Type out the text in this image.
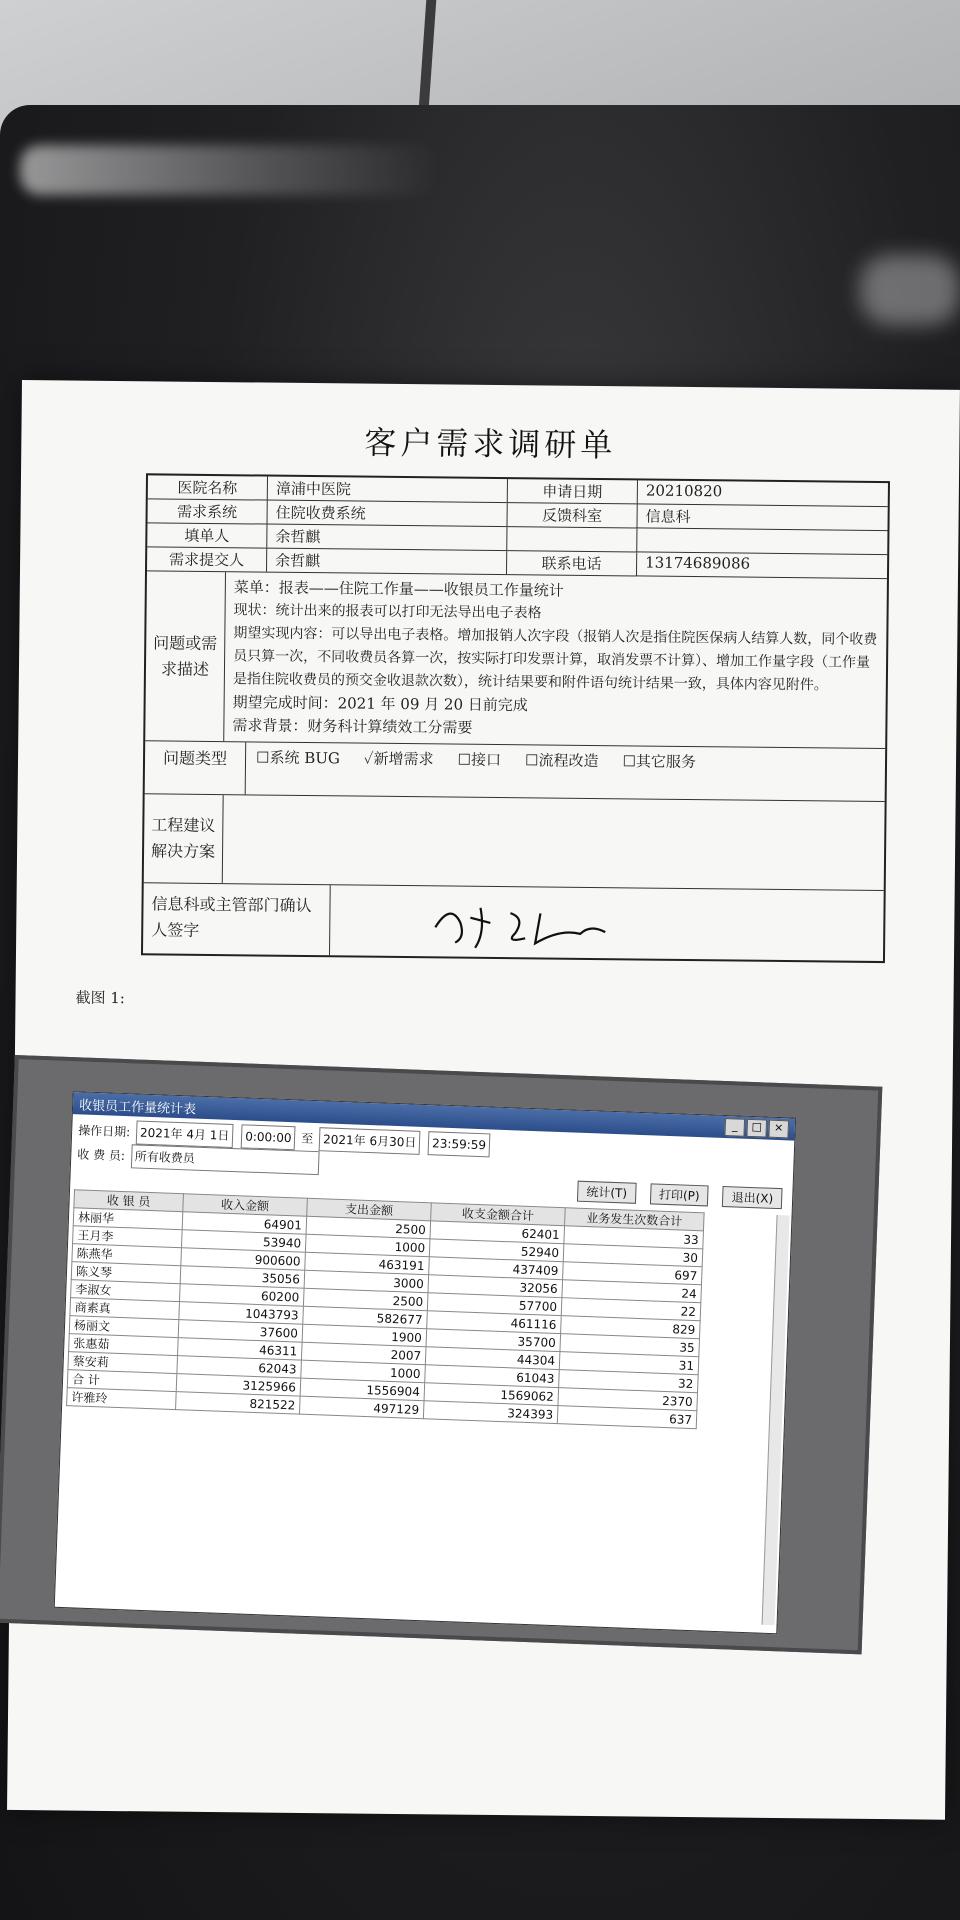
客户需求调研单
医院名称	漳浦中医院	申请日期	20210820
需求系统	住院收费系统	反馈科室	信息科
填单人	余哲麒

需求提交人	余哲麒	联系电话	13174689086
问题或需求描述
菜单：报表——住院工作量——收银员工作量统计
现状：统计出来的报表可以打印无法导出电子表格
期望实现内容：可以导出电子表格。增加报销人次字段（报销人次是指住院医保病人结算人数，同个收费员只算一次，不同收费员各算一次，按实际打印发票计算，取消发票不计算）、增加工作量字段（工作量是指住院收费员的预交金收退款次数），统计结果要和附件语句统计结果一致，具体内容见附件。
期望完成时间：2021 年 09 月 20 日前完成
需求背景：财务科计算绩效工分需要
问题类型	☐系统 BUG ✓新增需求 ☐接口 ☐流程改造 ☐其它服务
工程建议解决方案
信息科或主管部门确认人签字
截图 1:
收银员工作量统计表
_	□	×
操作日期: 2021年 4月 1日 0:00:00 至 2021年 6月30日 23:59:59
收 费 员: 所有收费员
统计(T)	打印(P)	退出(X)
收 银 员	收入金额	支出金额	收支金额合计	业务发生次数合计
林丽华	64901	2500	62401	33
王月李	53940	1000	52940	30
陈燕华	900600	463191	437409	697
陈义琴	35056	3000	32056	24
李淑女	60200	2500	57700	22
商素真	1043793	582677	461116	829
杨丽文	37600	1900	35700	35
张惠茹	46311	2007	44304	31
蔡安莉	62043	1000	61043	32
合 计	3125966	1556904	1569062	2370
许雅玲	821522	497129	324393	637
